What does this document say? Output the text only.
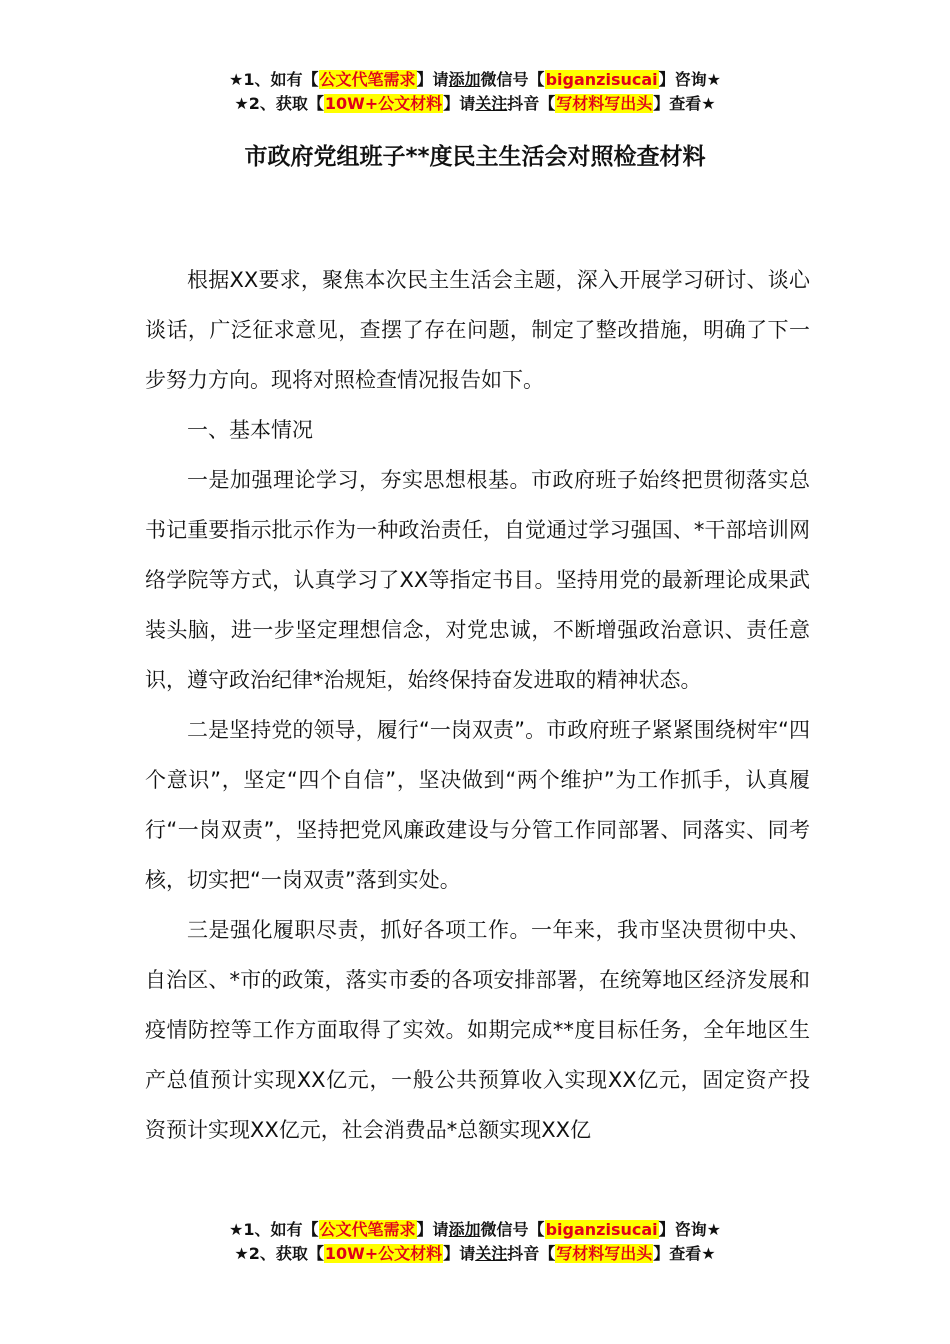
★1、如有【公文代笔需求】请添加微信号【biganzisucai】咨询★
★2、获取【10W+公文材料】请关注抖音【写材料写出头】查看★
市政府党组班子**度民主生活会对照检查材料

根据XX要求，聚焦本次民主生活会主题，深入开展学习研讨、谈心谈话，广泛征求意见，查摆了存在问题，制定了整改措施，明确了下一步努力方向。现将对照检查情况报告如下。

一、基本情况

一是加强理论学习，夯实思想根基。市政府班子始终把贯彻落实总书记重要指示批示作为一种政治责任，自觉通过学习强国、*干部培训网络学院等方式，认真学习了XX等指定书目。坚持用党的最新理论成果武装头脑，进一步坚定理想信念，对党忠诚，不断增强政治意识、责任意识，遵守政治纪律*治规矩，始终保持奋发进取的精神状态。

二是坚持党的领导，履行“一岗双责”。市政府班子紧紧围绕树牢“四个意识”，坚定“四个自信”，坚决做到“两个维护”为工作抓手，认真履行“一岗双责”，坚持把党风廉政建设与分管工作同部署、同落实、同考核，切实把“一岗双责”落到实处。

三是强化履职尽责，抓好各项工作。一年来，我市坚决贯彻中央、自治区、*市的政策，落实市委的各项安排部署，在统筹地区经济发展和疫情防控等工作方面取得了实效。如期完成**度目标任务，全年地区生产总值预计实现XX亿元，一般公共预算收入实现XX亿元，固定资产投资预计实现XX亿元，社会消费品*总额实现XX亿

★1、如有【公文代笔需求】请添加微信号【biganzisucai】咨询★
★2、获取【10W+公文材料】请关注抖音【写材料写出头】查看★
